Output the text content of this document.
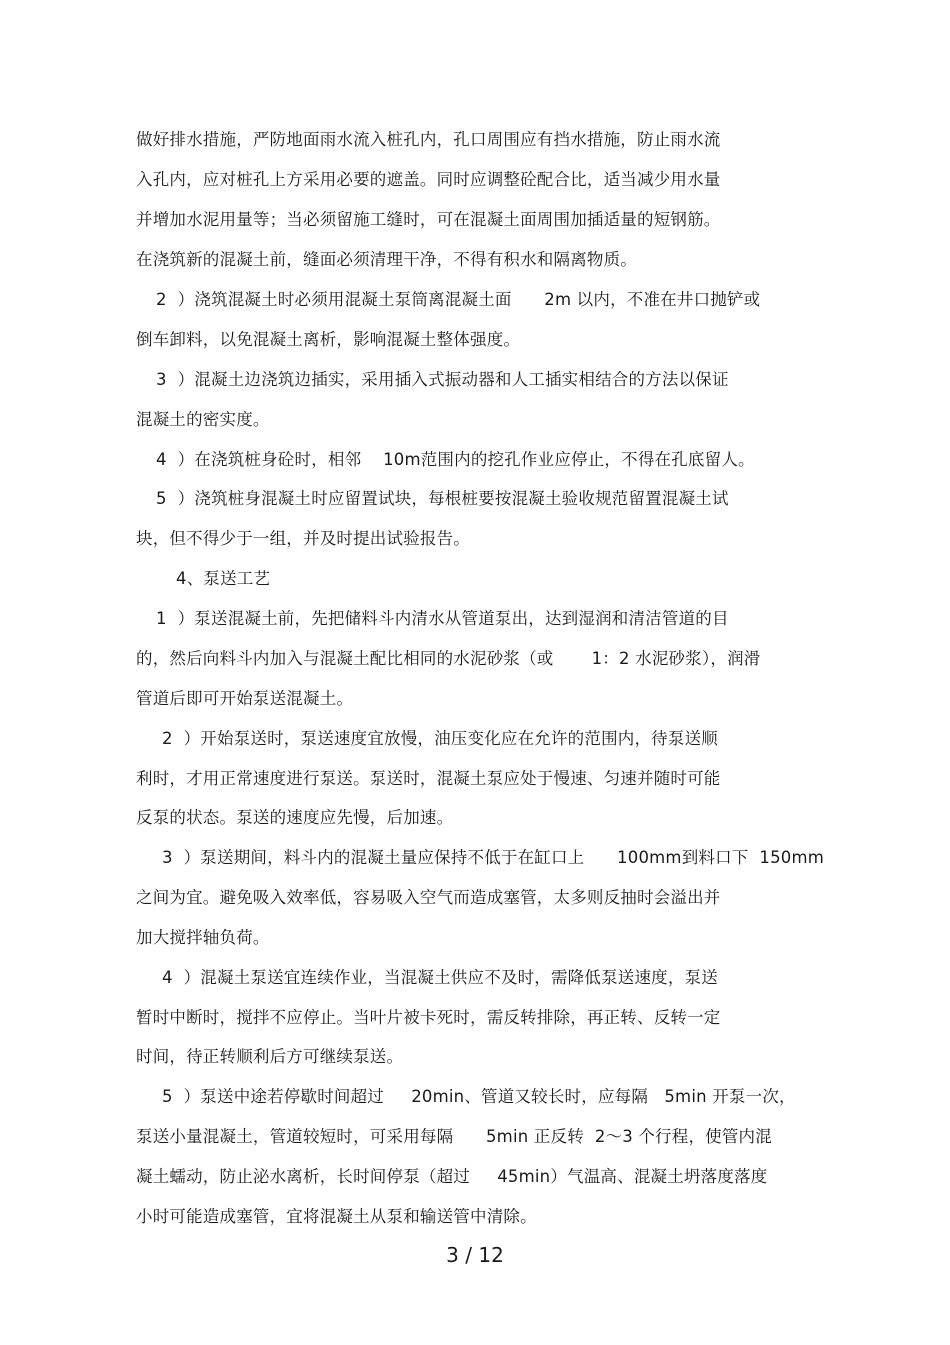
做好排水措施，严防地面雨水流入桩孔内，孔口周围应有挡水措施，防止雨水流
入孔内，应对桩孔上方采用必要的遮盖。同时应调整砼配合比，适当减少用水量
并增加水泥用量等；当必须留施工缝时，可在混凝土面周围加插适量的短钢筋。
在浇筑新的混凝土前，缝面必须清理干净，不得有积水和隔离物质。
2  ）浇筑混凝土时必须用混凝土泵筒离混凝土面      2m 以内，不准在井口抛铲或
倒车卸料，以免混凝土离析，影响混凝土整体强度。
3  ）混凝土边浇筑边插实，采用插入式振动器和人工插实相结合的方法以保证
混凝土的密实度。
4  ）在浇筑桩身砼时，相邻    10m范围内的挖孔作业应停止，不得在孔底留人。
5  ）浇筑桩身混凝土时应留置试块，每根桩要按混凝土验收规范留置混凝土试
块，但不得少于一组，并及时提出试验报告。
4、泵送工艺
1  ）泵送混凝土前，先把储料斗内清水从管道泵出，达到湿润和清洁管道的目
的，然后向料斗内加入与混凝土配比相同的水泥砂浆（或       1：2 水泥砂浆），润滑
管道后即可开始泵送混凝土。
2  ）开始泵送时，泵送速度宜放慢，油压变化应在允许的范围内，待泵送顺
利时，才用正常速度进行泵送。泵送时，混凝土泵应处于慢速、匀速并随时可能
反泵的状态。泵送的速度应先慢，后加速。
3  ）泵送期间，料斗内的混凝土量应保持不低于在缸口上      100mm到料口下  150mm
之间为宜。避免吸入效率低，容易吸入空气而造成塞管，太多则反抽时会溢出并
加大搅拌轴负荷。
4  ）混凝土泵送宜连续作业，当混凝土供应不及时，需降低泵送速度，泵送
暂时中断时，搅拌不应停止。当叶片被卡死时，需反转排除，再正转、反转一定
时间，待正转顺利后方可继续泵送。
5  ）泵送中途若停歇时间超过     20min、管道又较长时，应每隔   5min 开泵一次，
泵送小量混凝土，管道较短时，可采用每隔      5min 正反转  2～3 个行程，使管内混
凝土蠕动，防止泌水离析，长时间停泵（超过     45min）气温高、混凝土坍落度落度
小时可能造成塞管，宜将混凝土从泵和输送管中清除。
3 / 12
